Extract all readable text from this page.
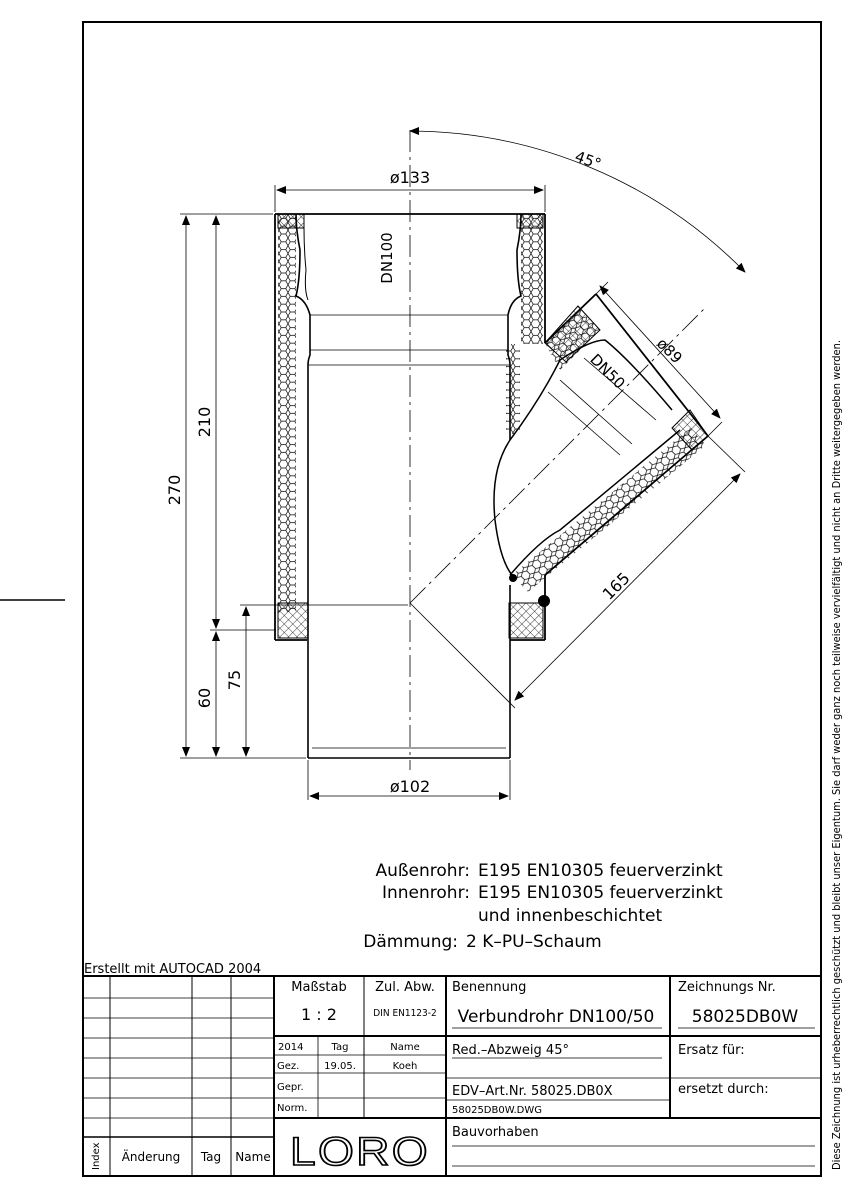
45°
ø133
ø89
ø102
270
210
60
75
165
DN100
DN50
Außenrohr: E195 EN10305 feuerverzinkt
Innenrohr: E195 EN10305 feuerverzinkt
und innenbeschichtet
Dämmung: 2 K–PU–Schaum	Diese Zeichnung ist urheberrechtlich geschützt und bleibt unser Eigentum. Sie darf weder ganz noch teilweise vervielfältigt und nicht an Dritte weitergegeben werden.
Erstellt mit AUTOCAD 2004
Index Änderung Tag Name
Maßstab
1 : 2
Zul. Abw.
DIN EN1123-2
2014	Tag	Name
Gez. 19.05.	Koeh
Gepr.
Norm.
LORO
Benennung
Verbundrohr DN100/50
Red.–Abzweig 45°
EDV–Art.Nr. 58025.DB0X
58025DB0W.DWG
Bauvorhaben
Zeichnungs Nr.
58025DB0W
Ersatz für:
ersetzt durch:
